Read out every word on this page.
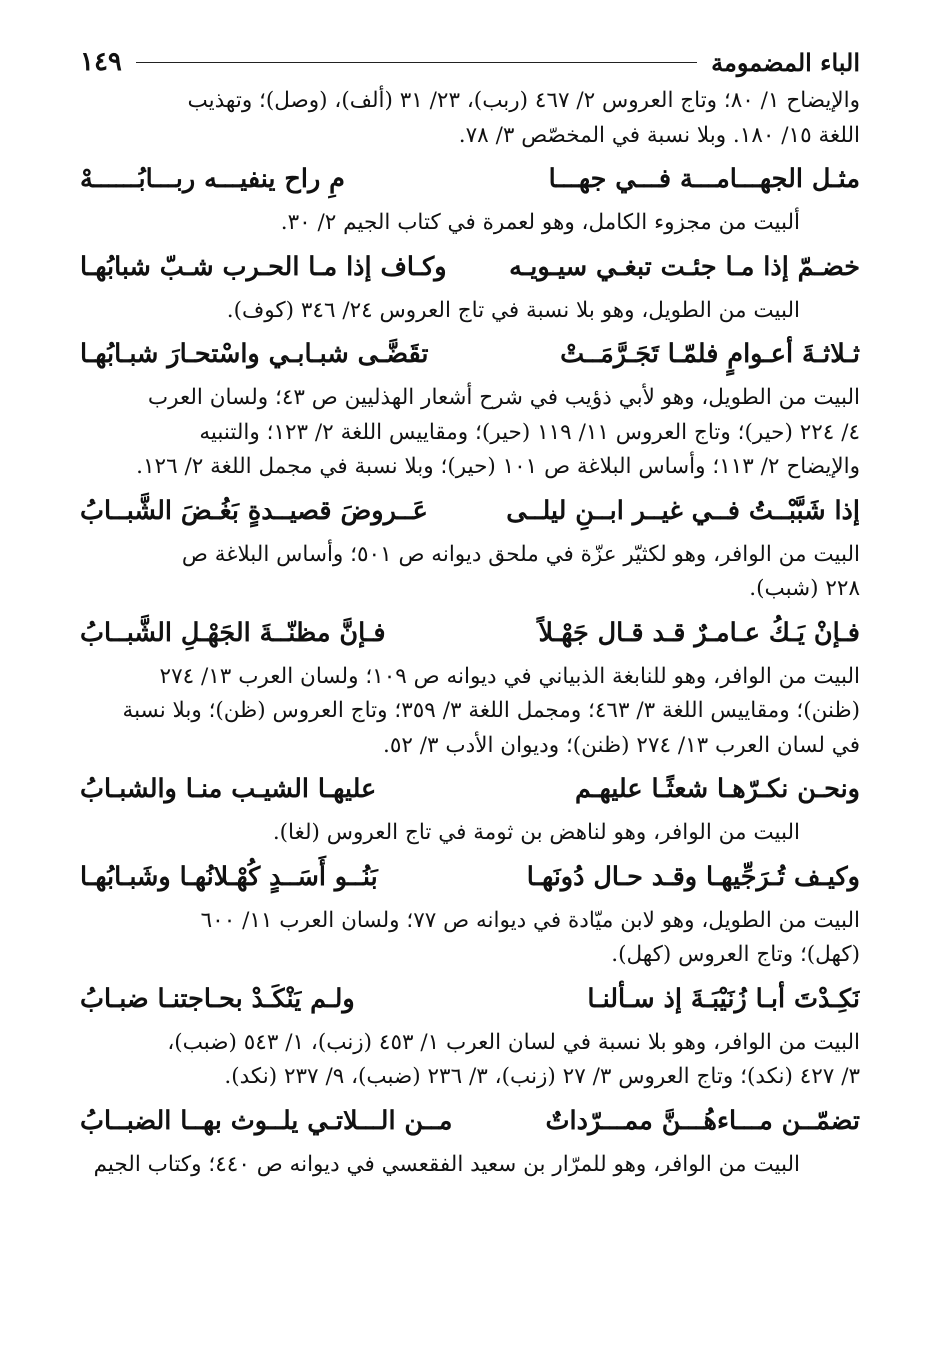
الباء المضمومة
١٤٩

والإيضاح ١/ ٨٠؛ وتاج العروس ٢/ ٤٦٧ (ربب)، ٢٣/ ٣١ (ألف)، (وصل)؛ وتهذيب

اللغة ١٥/ ١٨٠. وبلا نسبة في المخصّص ٣/ ٧٨.

مثـل الجهـــامـــة فـــي جهـــا
مِ راح ينفيـــه ربـــابُــــــهْ

ألبيت من مجزوء الكامل، وهو لعمرة في كتاب الجيم ٢/ ٣٠.

خضـمّ إذا مـا جئـت تبغـي سيـويـه
وكـاف إذا مـا الحـرب شـبّ شبابُهـا

البيت من الطويل، وهو بلا نسبة في تاج العروس ٢٤/ ٣٤٦ (كوف).

ثـلاثـةَ أعـوامٍ فلمّـا تَجَـرَّمَــتْ
تقَضَّـى شبـابـي واسْتحـارَ شبـابُهـا

البيت من الطويل، وهو لأبي ذؤيب في شرح أشعار الهذليين ص ٤٣؛ ولسان العرب

٤/ ٢٢٤ (حير)؛ وتاج العروس ١١/ ١١٩ (حير)؛ ومقاييس اللغة ٢/ ١٢٣؛ والتنبيه

والإيضاح ٢/ ١١٣؛ وأساس البلاغة ص ١٠١ (حير)؛ وبلا نسبة في مجمل اللغة ٢/ ١٢٦.

إذا شَبَّبْــتُ فــي غيــر ابــنِ ليلــى
عَــروضَ قصيــدةٍ بَغُـضَ الشَّبــابُ

البيت من الوافر، وهو لكثيّر عزّة في ملحق ديوانه ص ٥٠١؛ وأساس البلاغة ص

٢٢٨ (شبب).

فـإنْ يَـكُ عـامـرٌ قـد قـال جَهْـلاً
فـإنَّ مظنّــةَ الجَهْـلِ الشَّبــابُ

البيت من الوافر، وهو للنابغة الذبياني في ديوانه ص ١٠٩؛ ولسان العرب ١٣/ ٢٧٤

(ظنن)؛ ومقاييس اللغة ٣/ ٤٦٣؛ ومجمل اللغة ٣/ ٣٥٩؛ وتاج العروس (ظن)؛ وبلا نسبة

في لسان العرب ١٣/ ٢٧٤ (ظنن)؛ وديوان الأدب ٣/ ٥٢.

ونحـن نكـرّهـا شعثًـا عليهـم
عليهـا الشيـب منـا والشبـابُ

البيت من الوافر، وهو لناهض بن ثومة في تاج العروس (لغا).

وكيـف تُـرَجِّيهـا وقـد حـال دُونَهـا
بَنُــو أَسَــدٍ كُهْـلانُهـا وشَبـابُهـا

البيت من الطويل، وهو لابن ميّادة في ديوانه ص ٧٧؛ ولسان العرب ١١/ ٦٠٠

(كهل)؛ وتاج العروس (كهل).

نَكِـدْتَ أبـا زُنَيْبَـةَ إذ سـألنـا
ولـم يَنْكَـدْ بحـاجتنـا ضبـابُ

البيت من الوافر، وهو بلا نسبة في لسان العرب ١/ ٤٥٣ (زنب)، ١/ ٥٤٣ (ضبب)،

٣/ ٤٢٧ (نكد)؛ وتاج العروس ٣/ ٢٧ (زنب)، ٣/ ٢٣٦ (ضبب)، ٩/ ٢٣٧ (نكد).

تضمّــن مـــاءهُـــنَّ ممـــرّداتٌ
مــن الـــلاتـي يلــوث بهــا الضبــابُ

البيت من الوافر، وهو للمرّار بن سعيد الفقعسي في ديوانه ص ٤٤٠؛ وكتاب الجيم
